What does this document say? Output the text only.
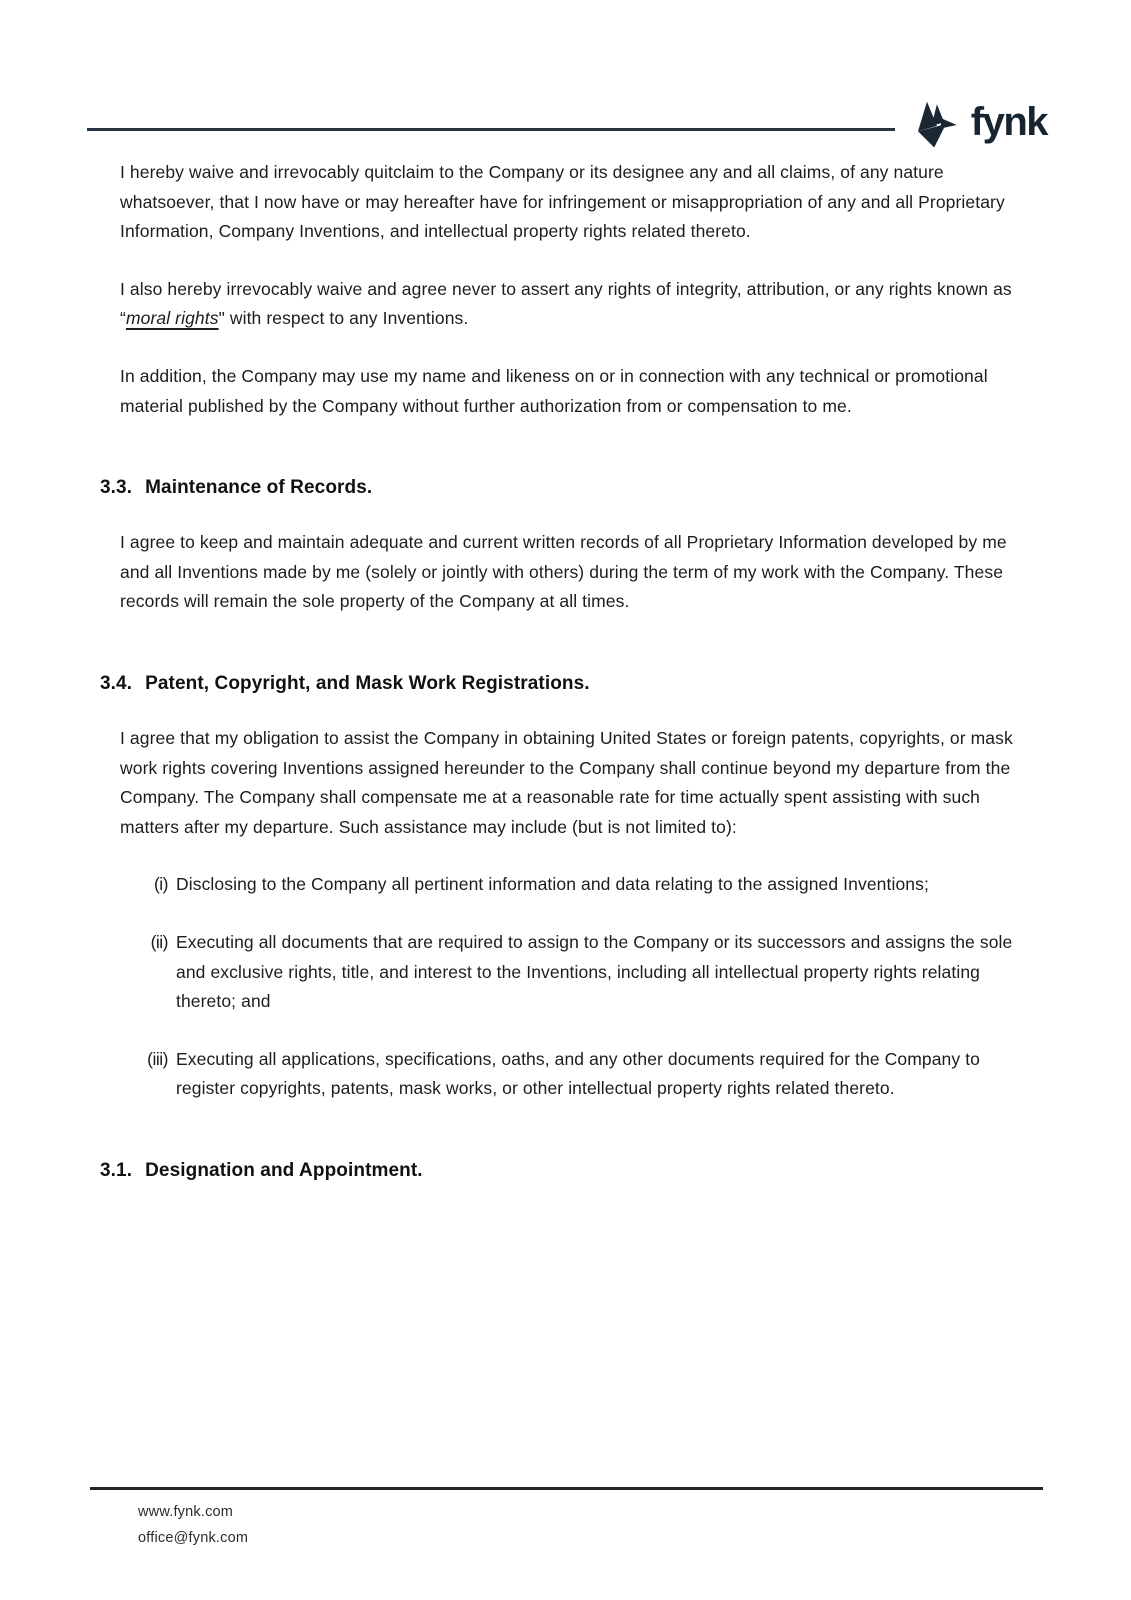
fynk

I hereby waive and irrevocably quitclaim to the Company or its designee any and all claims, of any nature whatsoever, that I now have or may hereafter have for infringement or misappropriation of any and all Proprietary Information, Company Inventions, and intellectual property rights related thereto.

I also hereby irrevocably waive and agree never to assert any rights of integrity, attribution, or any rights known as “moral rights" with respect to any Inventions.

In addition, the Company may use my name and likeness on or in connection with any technical or promotional material published by the Company without further authorization from or compensation to me.

3.3. Maintenance of Records.

I agree to keep and maintain adequate and current written records of all Proprietary Information developed by me and all Inventions made by me (solely or jointly with others) during the term of my work with the Company. These records will remain the sole property of the Company at all times.

3.4. Patent, Copyright, and Mask Work Registrations.

I agree that my obligation to assist the Company in obtaining United States or foreign patents, copyrights, or mask work rights covering Inventions assigned hereunder to the Company shall continue beyond my departure from the Company. The Company shall compensate me at a reasonable rate for time actually spent assisting with such matters after my departure. Such assistance may include (but is not limited to):

(i) Disclosing to the Company all pertinent information and data relating to the assigned Inventions;
(ii) Executing all documents that are required to assign to the Company or its successors and assigns the sole and exclusive rights, title, and interest to the Inventions, including all intellectual property rights relating thereto; and
(iii) Executing all applications, specifications, oaths, and any other documents required for the Company to register copyrights, patents, mask works, or other intellectual property rights related thereto.
3.1. Designation and Appointment.
www.fynk.com
office@fynk.com
